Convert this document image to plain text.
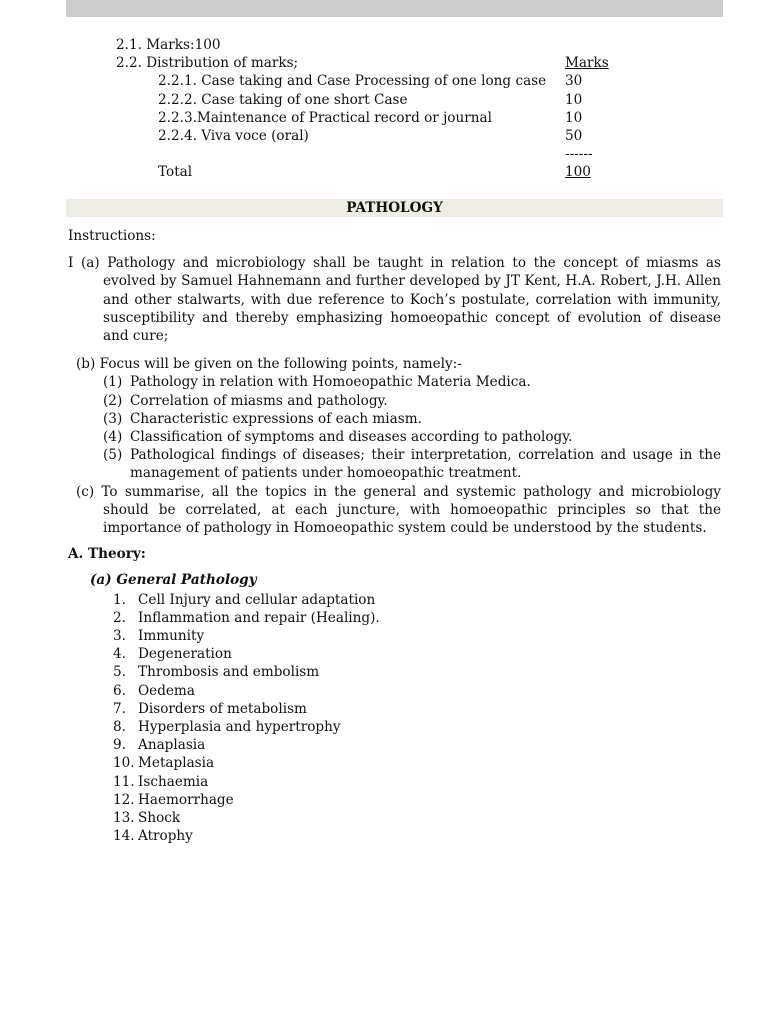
2.1. Marks:100
2.2. Distribution of marks;	Marks
2.2.1. Case taking and Case Processing of one long case 30
2.2.2. Case taking of one short Case	10
2.2.3.Maintenance of Practical record or journal	10
2.2.4. Viva voce (oral)	50
------
Total	100
PATHOLOGY

Instructions:

I (a) Pathology and microbiology shall be taught in relation to the concept of miasms as evolved by Samuel Hahnemann and further developed by JT Kent, H.A. Robert, J.H. Allen and other stalwarts, with due reference to Koch’s postulate, correlation with immunity, susceptibility and thereby emphasizing homoeopathic concept of evolution of disease and cure;

(b) Focus will be given on the following points, namely:-

(1) Pathology in relation with Homoeopathic Materia Medica.
(2) Correlation of miasms and pathology.
(3) Characteristic expressions of each miasm.
(4) Classification of symptoms and diseases according to pathology.
(5) Pathological findings of diseases; their interpretation, correlation and usage in the management of patients under homoeopathic treatment.

(c) To summarise, all the topics in the general and systemic pathology and microbiology should be correlated, at each juncture, with homoeopathic principles so that the importance of pathology in Homoeopathic system could be understood by the students.

A. Theory:

(a) General Pathology

1. Cell Injury and cellular adaptation
2. Inflammation and repair (Healing).
3. Immunity
4. Degeneration
5. Thrombosis and embolism
6. Oedema
7. Disorders of metabolism
8. Hyperplasia and hypertrophy
9. Anaplasia
10. Metaplasia
11. Ischaemia
12. Haemorrhage
13. Shock
14. Atrophy
